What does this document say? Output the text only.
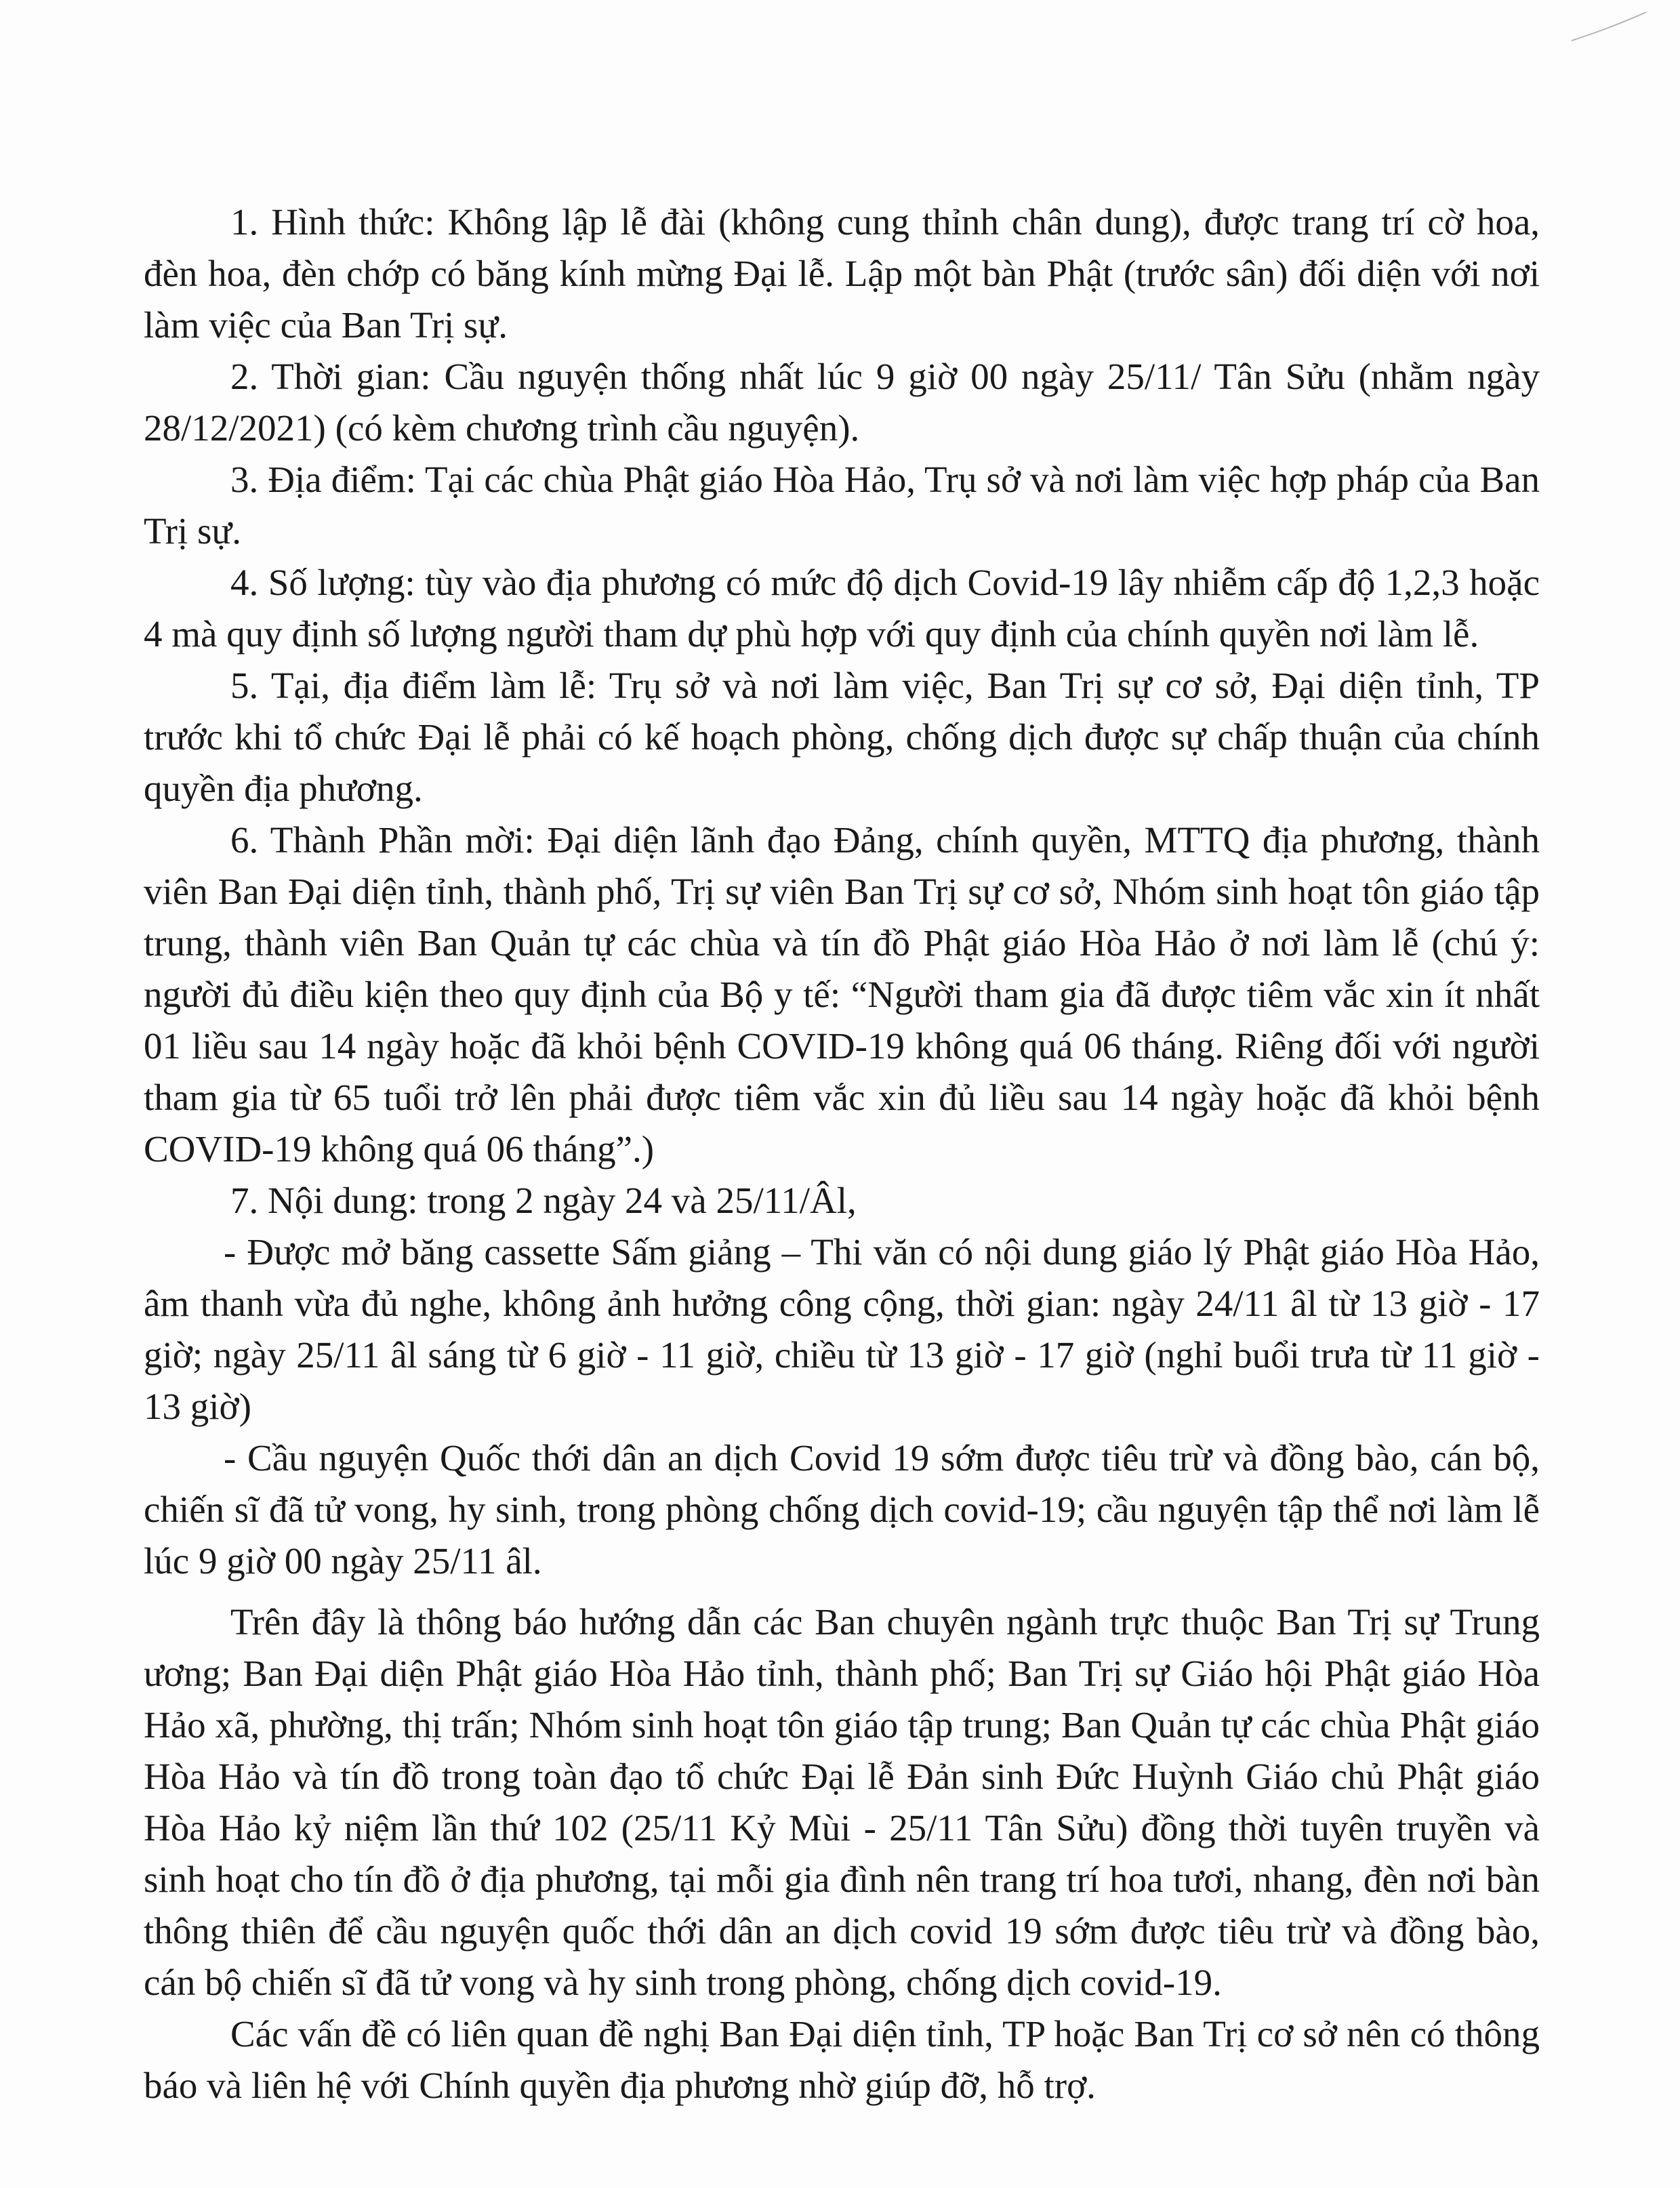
1. Hình thức: Không lập lễ đài (không cung thỉnh chân dung), được trang trí cờ hoa, đèn hoa, đèn chớp có băng kính mừng Đại lễ. Lập một bàn Phật (trước sân) đối diện với nơi làm việc của Ban Trị sự.

2. Thời gian: Cầu nguyện thống nhất lúc 9 giờ 00 ngày 25/11/ Tân Sửu (nhằm ngày 28/12/2021) (có kèm chương trình cầu nguyện).

3. Địa điểm: Tại các chùa Phật giáo Hòa Hảo, Trụ sở và nơi làm việc hợp pháp của Ban Trị sự.

4. Số lượng: tùy vào địa phương có mức độ dịch Covid-19 lây nhiễm cấp độ 1,2,3 hoặc 4 mà quy định số lượng người tham dự phù hợp với quy định của chính quyền nơi làm lễ.

5. Tại, địa điểm làm lễ: Trụ sở và nơi làm việc, Ban Trị sự cơ sở, Đại diện tỉnh, TP trước khi tổ chức Đại lễ phải có kế hoạch phòng, chống dịch được sự chấp thuận của chính quyền địa phương.

6. Thành Phần mời: Đại diện lãnh đạo Đảng, chính quyền, MTTQ địa phương, thành viên Ban Đại diện tỉnh, thành phố, Trị sự viên Ban Trị sự cơ sở, Nhóm sinh hoạt tôn giáo tập trung, thành viên Ban Quản tự các chùa và tín đồ Phật giáo Hòa Hảo ở nơi làm lễ (chú ý: người đủ điều kiện theo quy định của Bộ y tế: “Người tham gia đã được tiêm vắc xin ít nhất 01 liều sau 14 ngày hoặc đã khỏi bệnh COVID-19 không quá 06 tháng. Riêng đối với người tham gia từ 65 tuổi trở lên phải được tiêm vắc xin đủ liều sau 14 ngày hoặc đã khỏi bệnh COVID-19 không quá 06 tháng”.)

7. Nội dung: trong 2 ngày 24 và 25/11/Âl,

- Được mở băng cassette Sấm giảng – Thi văn có nội dung giáo lý Phật giáo Hòa Hảo, âm thanh vừa đủ nghe, không ảnh hưởng công cộng, thời gian: ngày 24/11 âl từ 13 giờ - 17 giờ; ngày 25/11 âl sáng từ 6 giờ - 11 giờ, chiều từ 13 giờ - 17 giờ (nghỉ buổi trưa từ 11 giờ - 13 giờ)

- Cầu nguyện Quốc thới dân an dịch Covid 19 sớm được tiêu trừ và đồng bào, cán bộ, chiến sĩ đã tử vong, hy sinh, trong phòng chống dịch covid-19; cầu nguyện tập thể nơi làm lễ lúc 9 giờ 00 ngày 25/11 âl.

Trên đây là thông báo hướng dẫn các Ban chuyên ngành trực thuộc Ban Trị sự Trung ương; Ban Đại diện Phật giáo Hòa Hảo tỉnh, thành phố; Ban Trị sự Giáo hội Phật giáo Hòa Hảo xã, phường, thị trấn; Nhóm sinh hoạt tôn giáo tập trung; Ban Quản tự các chùa Phật giáo Hòa Hảo và tín đồ trong toàn đạo tổ chức Đại lễ Đản sinh Đức Huỳnh Giáo chủ Phật giáo Hòa Hảo kỷ niệm lần thứ 102 (25/11 Kỷ Mùi - 25/11 Tân Sửu) đồng thời tuyên truyền và sinh hoạt cho tín đồ ở địa phương, tại mỗi gia đình nên trang trí hoa tươi, nhang, đèn nơi bàn thông thiên để cầu nguyện quốc thới dân an dịch covid 19 sớm được tiêu trừ và đồng bào, cán bộ chiến sĩ đã tử vong và hy sinh trong phòng, chống dịch covid-19.

Các vấn đề có liên quan đề nghị Ban Đại diện tỉnh, TP hoặc Ban Trị cơ sở nên có thông báo và liên hệ với Chính quyền địa phương nhờ giúp đỡ, hỗ trợ.
